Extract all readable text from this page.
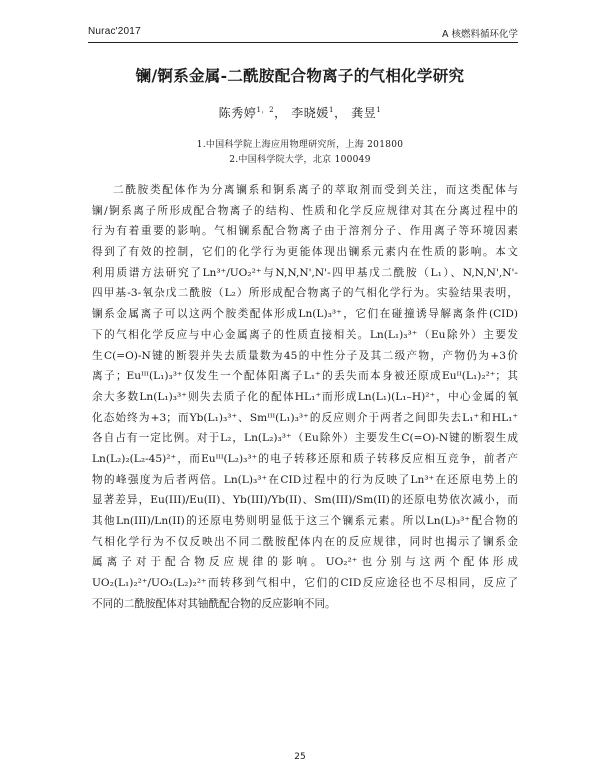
Nurac'2017	A 核燃料循环化学
镧/锕系金属-二酰胺配合物离子的气相化学研究
陈秀婷$^{1,2}$， 李晓媛$^1$， 龚昱$^1$
1.中国科学院上海应用物理研究所，上海 201800
2.中国科学院大学，北京 100049
二酰胺类配体作为分离镧系和锕系离子的萃取剂而受到关注，而这类配体与
镧/锕系离子所形成配合物离子的结构、性质和化学反应规律对其在分离过程中的
行为有着重要的影响。气相镧系配合物离子由于溶剂分子、作用离子等环境因素
得到了有效的控制，它们的化学行为更能体现出镧系元素内在性质的影响。本文
利用质谱方法研究了Ln³⁺/UO₂²⁺与N,N,N',N'-四甲基戊二酰胺（L₁）、N,N,N',N'-
四甲基-3-氧杂戊二酰胺（L₂）所形成配合物离子的气相化学行为。实验结果表明，
镧系金属离子可以这两个胺类配体形成Ln(L)₃³⁺，它们在碰撞诱导解离条件(CID)
下的气相化学反应与中心金属离子的性质直接相关。Ln(L₁)₃³⁺（Eu除外）主要发
生C(=O)-N键的断裂并失去质量数为45的中性分子及其二级产物，产物仍为+3价
离子；Euᴵᴵᴵ(L₁)₃³⁺仅发生一个配体阳离子L₁⁺的丢失而本身被还原成Euᴵᴵ(L₁)₂²⁺；其
余大多数Ln(L₁)₃³⁺则失去质子化的配体HL₁⁺而形成Ln(L₁)(L₁–H)²⁺，中心金属的氧
化态始终为+3；而Yb(L₁)₃³⁺、Smᴵᴵᴵ(L₁)₃³⁺的反应则介于两者之间即失去L₁⁺和HL₁⁺
各自占有一定比例。对于L₂，Ln(L₂)₃³⁺（Eu除外）主要发生C(=O)-N键的断裂生成
Ln(L₂)₂(L₂-45)²⁺，而Euᴵᴵᴵ(L₂)₃³⁺的电子转移还原和质子转移反应相互竞争，前者产
物的峰强度为后者两倍。Ln(L)₃³⁺在CID过程中的行为反映了Ln³⁺在还原电势上的
显著差异，Eu(III)/Eu(II)、Yb(III)/Yb(II)、Sm(III)/Sm(II)的还原电势依次减小，而
其他Ln(III)/Ln(II)的还原电势则明显低于这三个镧系元素。所以Ln(L)₃³⁺配合物的
气相化学行为不仅反映出不同二酰胺配体内在的反应规律，同时也揭示了镧系金
属离子对于配合物反应规律的影响。UO₂²⁺也分别与这两个配体形成
UO₂(L₁)₂²⁺/UO₂(L₂)₂²⁺而转移到气相中，它们的CID反应途径也不尽相同，反应了
不同的二酰胺配体对其铀酰配合物的反应影响不同。
25
